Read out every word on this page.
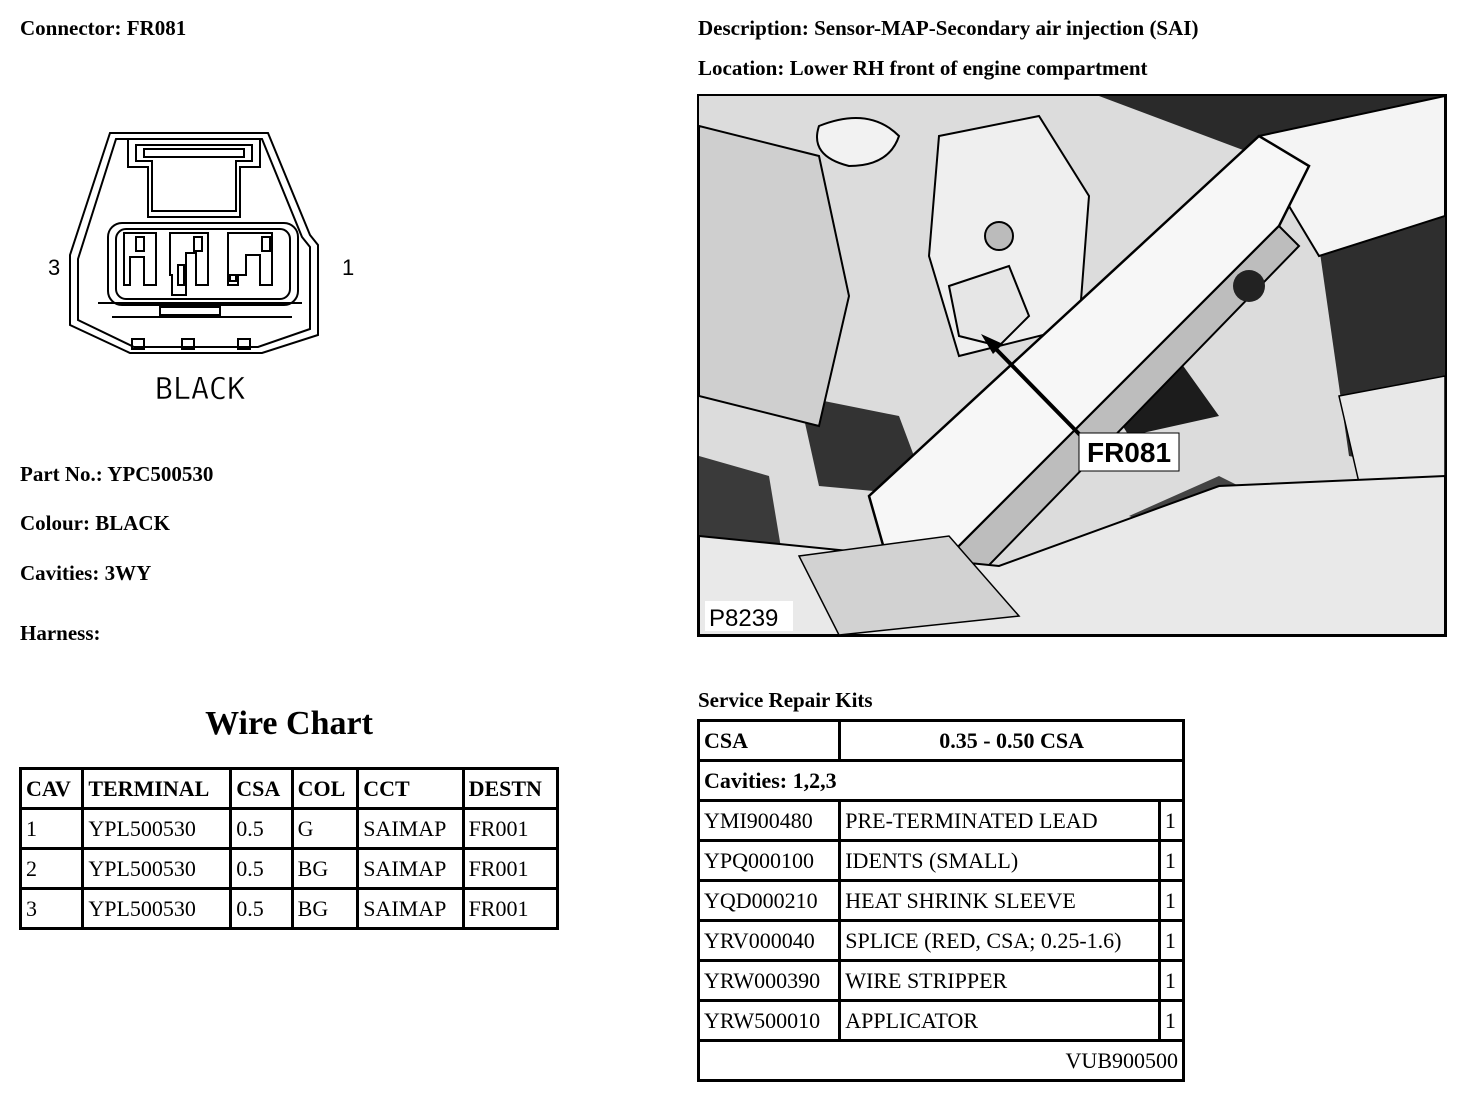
Connector: FR081
Part No.: YPC500530
Colour: BLACK
Cavities: 3WY
Harness:
Description: Sensor-MAP-Secondary air injection (SAI)
Location: Lower RH front of engine compartment
3	1
BLACK
FR081
P8239
Wire Chart
CAV	TERMINAL	CSA	COL	CCT	DESTN
1	YPL500530	0.5	G	SAIMAP	FR001
2	YPL500530	0.5	BG	SAIMAP	FR001
3	YPL500530	0.5	BG	SAIMAP	FR001
Service Repair Kits
CSA	0.35 - 0.50 CSA	
Cavities: 1,2,3		
YMI900480	PRE-TERMINATED LEAD	1
YPQ000100	IDENTS (SMALL)	1
YQD000210	HEAT SHRINK SLEEVE	1
YRV000040	SPLICE (RED, CSA; 0.25-1.6)	1
YRW000390	WIRE STRIPPER	1
YRW500010	APPLICATOR	1
VUB900500		
